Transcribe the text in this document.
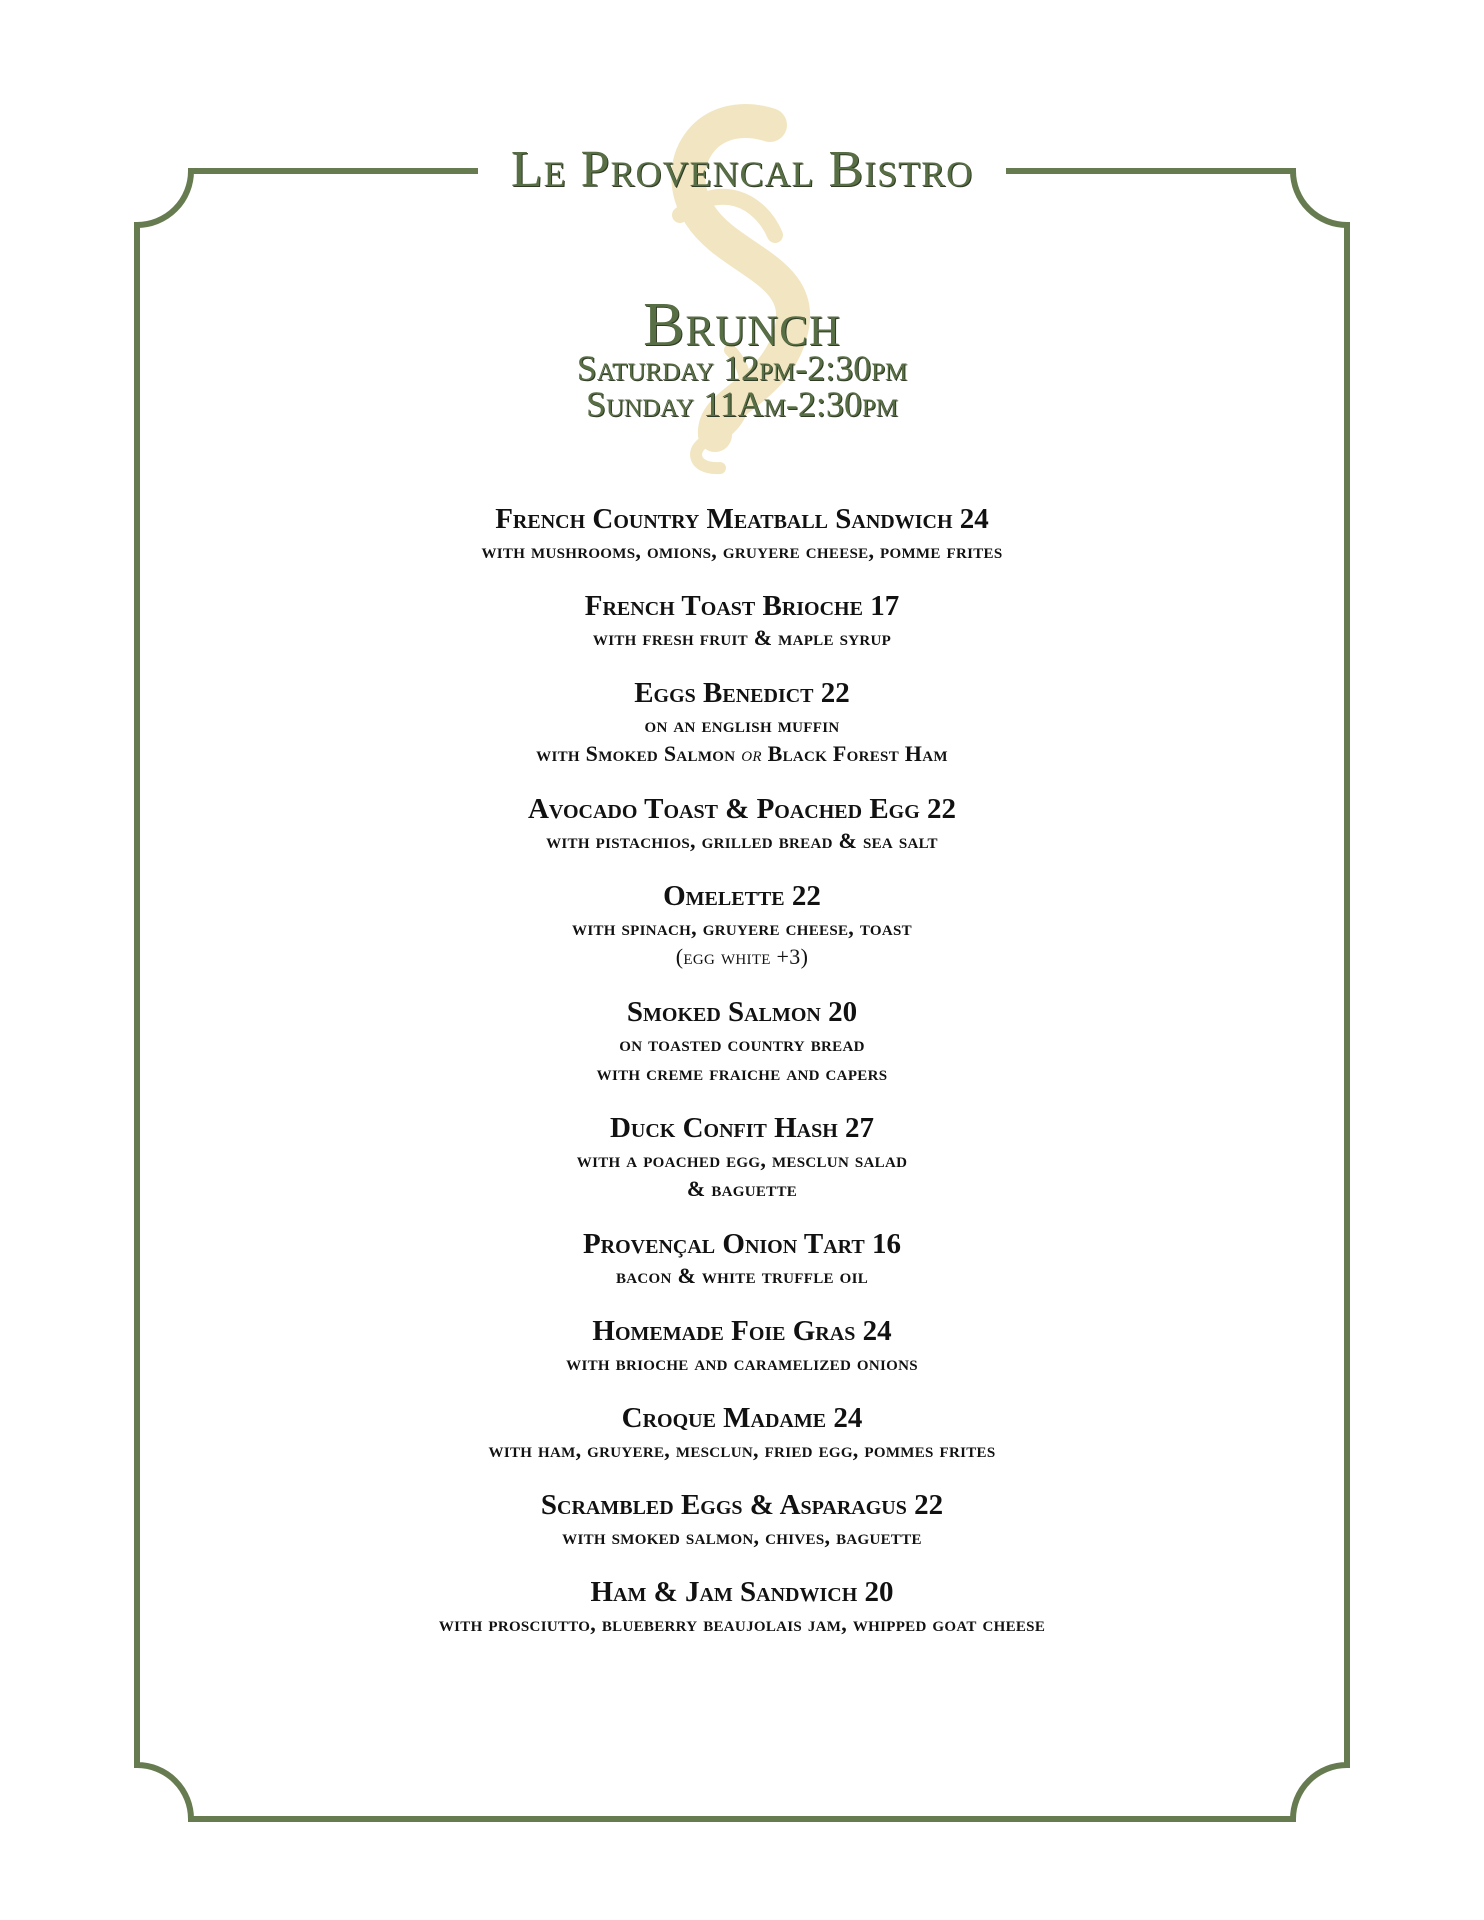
Le Provencal Bistro
Brunch
Saturday 12pm-2:30pm
Sunday 11Am-2:30pm
French Country Meatball Sandwich 24
with mushrooms, omions, gruyere cheese, pomme frites
French Toast Brioche 17
with fresh fruit & maple syrup
Eggs Benedict 22
on an english muffin
with Smoked Salmon or Black Forest Ham
Avocado Toast & Poached Egg 22
with pistachios, grilled bread & sea salt
Omelette 22
with spinach, gruyere cheese, toast
(egg white +3)
Smoked Salmon 20
on toasted country bread
with creme fraiche and capers
Duck Confit Hash 27
with a poached egg, mesclun salad
& baguette
Provençal Onion Tart 16
bacon & white truffle oil
Homemade Foie Gras 24
with brioche and caramelized onions
Croque Madame 24
with ham, gruyere, mesclun, fried egg, pommes frites
Scrambled Eggs & Asparagus 22
with smoked salmon, chives, baguette
Ham & Jam Sandwich 20
with prosciutto, blueberry beaujolais jam, whipped goat cheese
